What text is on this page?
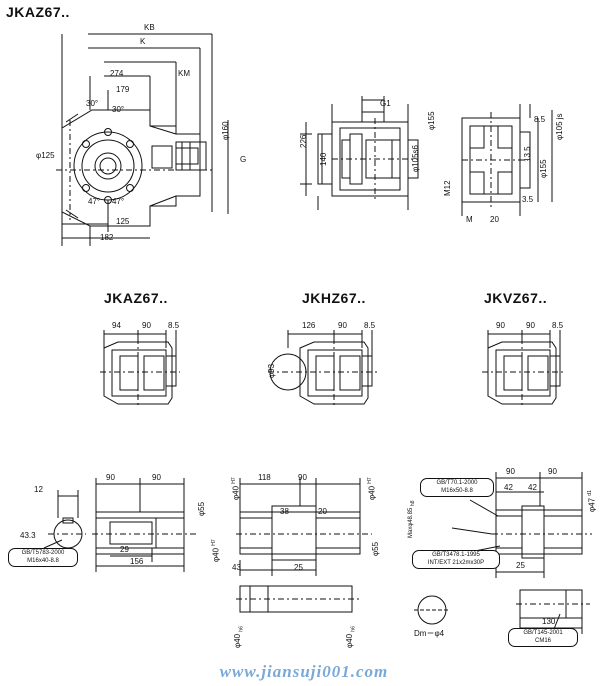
JKAZ67..
KB
K
KM
274
179
30°
30°
47° 47°
φ125
125
182
φ160
G
G1
φ155
φ105s6
226
140
M12
φ105 js
φ155
8.5
13.5
3.5
20
M
JKAZ67..	JKHZ67..	JKVZ67..
94	90 8.5	126	90 8.5
φ93
90	90 8.5
12
90	90
29
156
φ55
φ40 $^{H7}$
43.3
GB/T5783-2000
M16x40-8.8
118	90
38	20
φ40 $^{H7}$
φ40 $^{H7}$
φ55
43	25
φ40 $_{h6}$
φ40 $_{h6}$
90	90
42 42
25
130
φ47 $^{d1}$
Maxφ48.85 $_{h8}$
Dm＝φ4
GB/T70.1-2000
M16x50-8.8
GB/T3478.1-1995
INT/EXT 21x2mx30P
GB/T145-2001
CM16
www.jiansuji001.com
